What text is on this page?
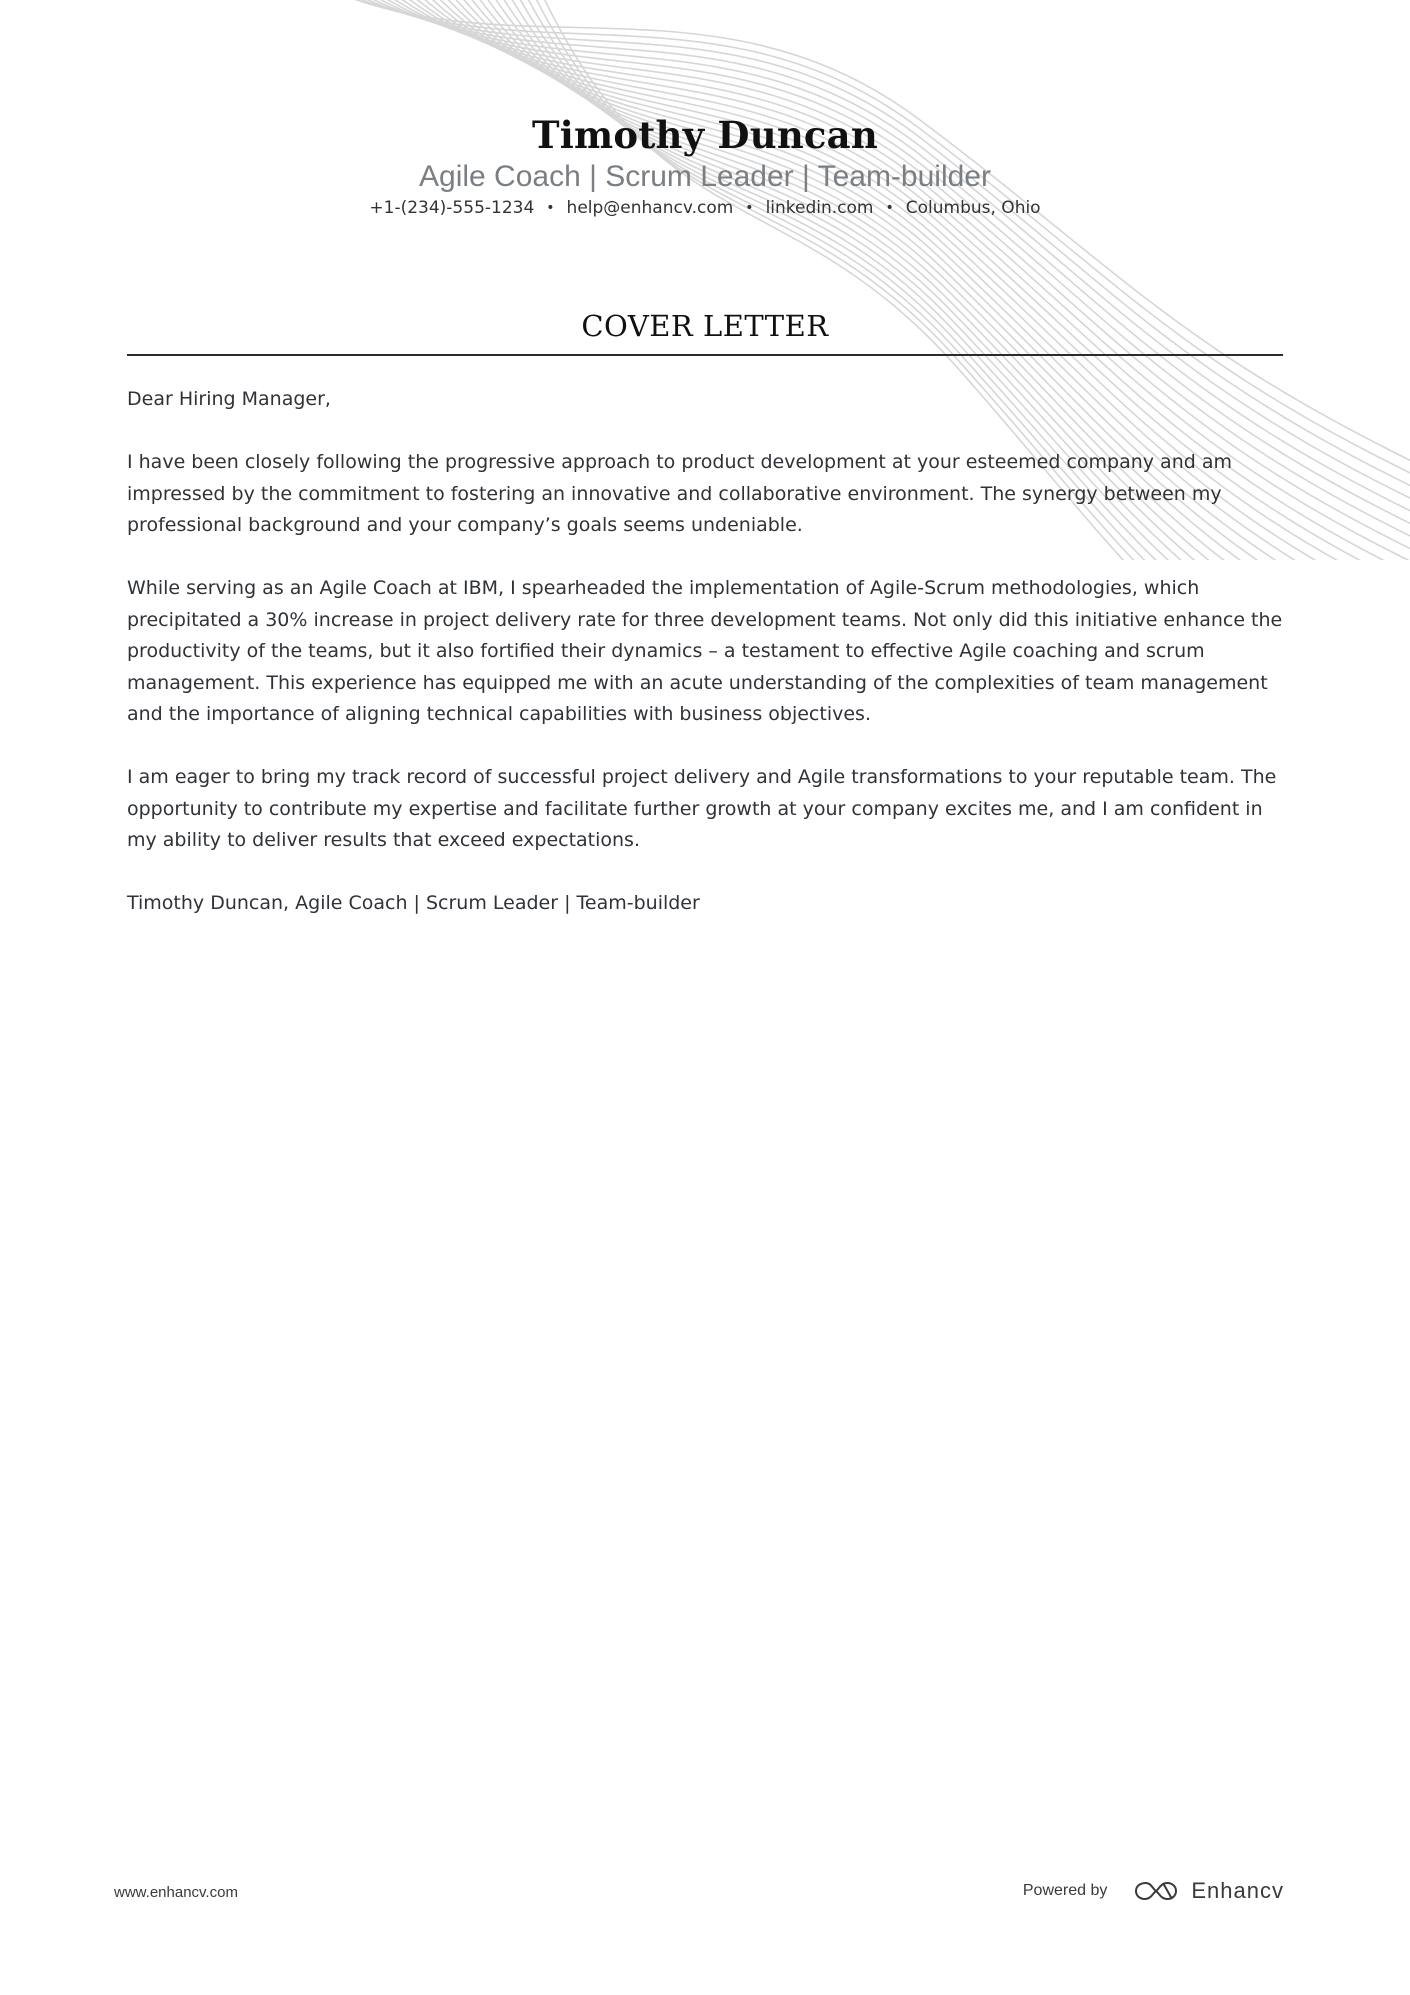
Timothy Duncan
Agile Coach | Scrum Leader | Team-builder
+1-(234)-555-1234 • help@enhancv.com • linkedin.com • Columbus, Ohio
COVER LETTER

Dear Hiring Manager,

I have been closely following the progressive approach to product development at your esteemed company and am impressed by the commitment to fostering an innovative and collaborative environment. The synergy between my professional background and your company’s goals seems undeniable.

While serving as an Agile Coach at IBM, I spearheaded the implementation of Agile-Scrum methodologies, which precipitated a 30% increase in project delivery rate for three development teams. Not only did this initiative enhance the productivity of the teams, but it also fortified their dynamics – a testament to effective Agile coaching and scrum management. This experience has equipped me with an acute understanding of the complexities of team management and the importance of aligning technical capabilities with business objectives.

I am eager to bring my track record of successful project delivery and Agile transformations to your reputable team. The opportunity to contribute my expertise and facilitate further growth at your company excites me, and I am confident in my ability to deliver results that exceed expectations.

Timothy Duncan, Agile Coach | Scrum Leader | Team-builder

www.enhancv.com	Powered by	Enhancv
